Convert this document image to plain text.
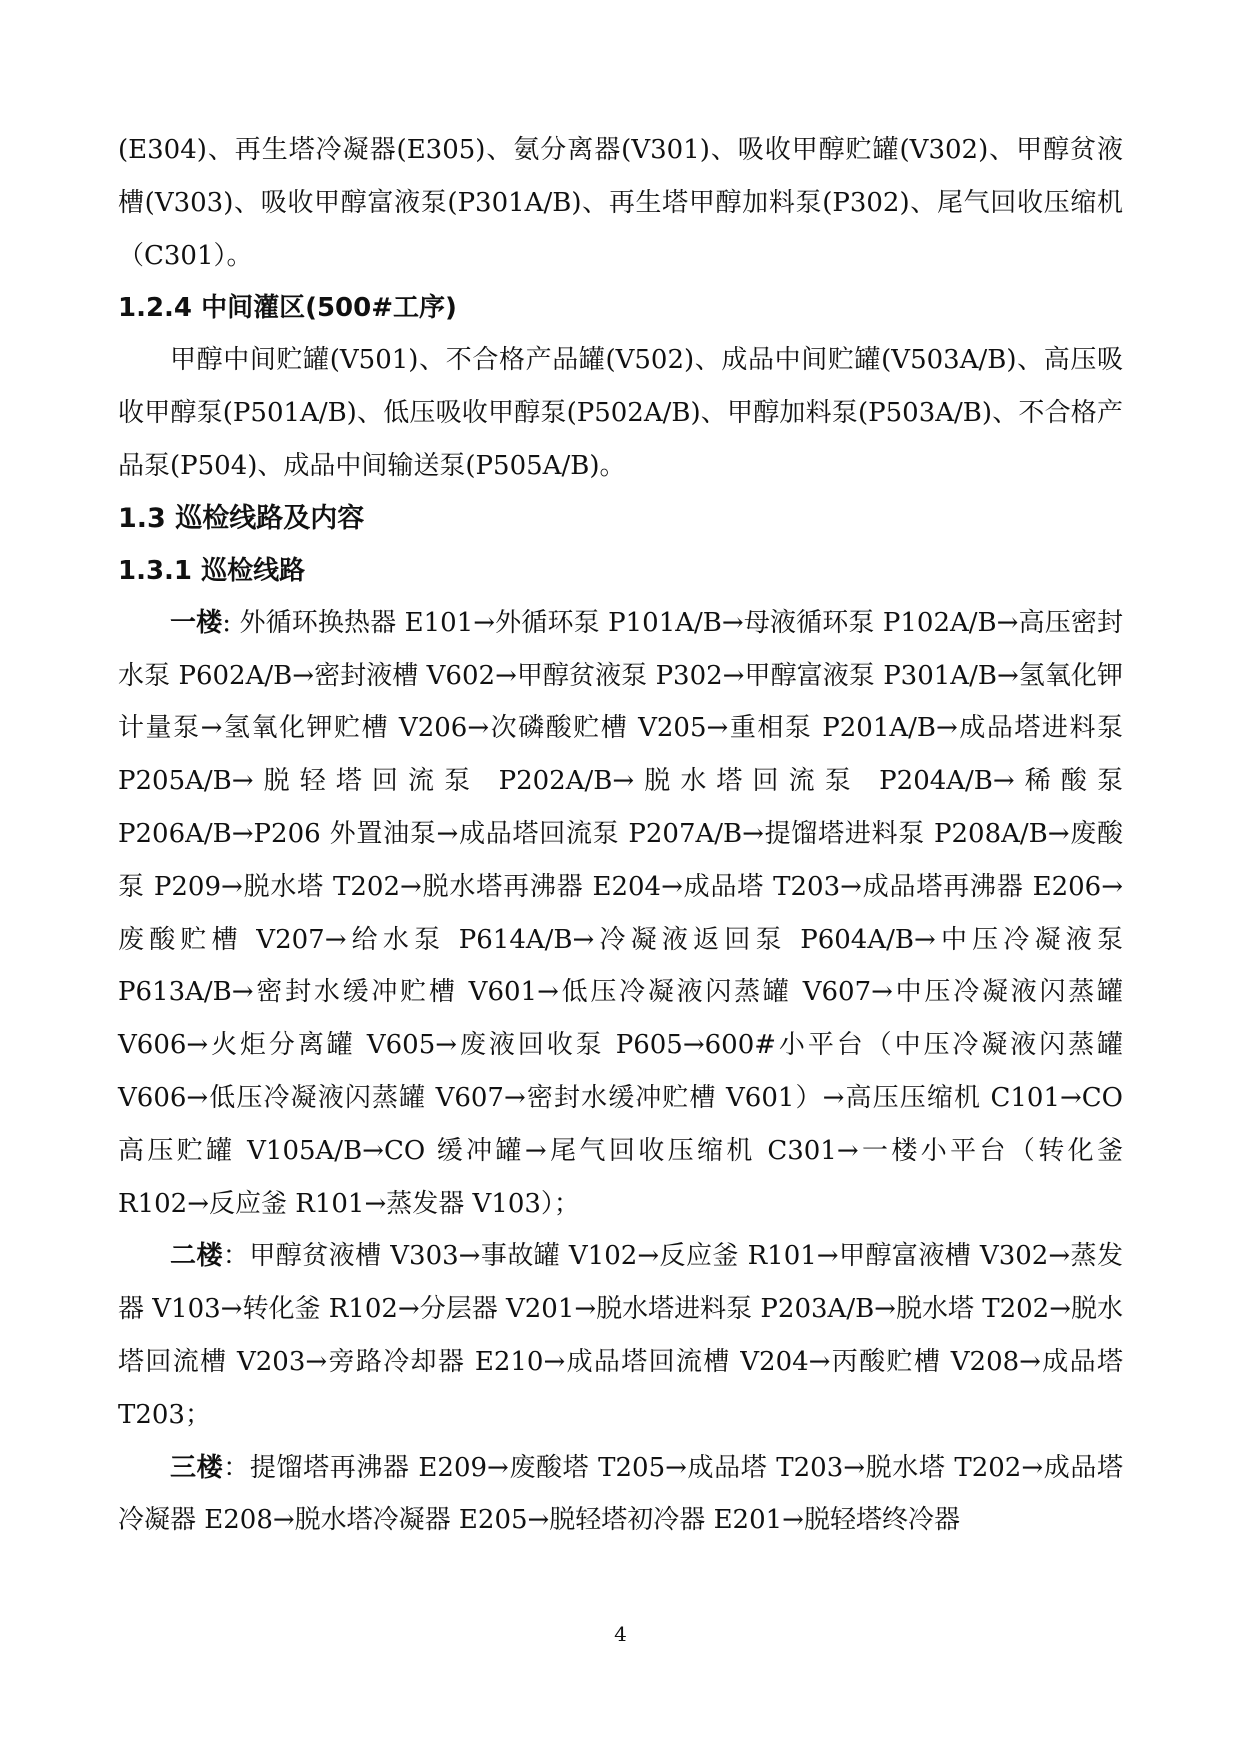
(E304)、再生塔冷凝器(E305)、氨分离器(V301)、吸收甲醇贮罐(V302)、甲醇贫液槽(V303)、吸收甲醇富液泵(P301A/B)、再生塔甲醇加料泵(P302)、尾气回收压缩机（C301）。

1.2.4 中间灌区(500#工序)

甲醇中间贮罐(V501)、不合格产品罐(V502)、成品中间贮罐(V503A/B)、高压吸收甲醇泵(P501A/B)、低压吸收甲醇泵(P502A/B)、甲醇加料泵(P503A/B)、不合格产品泵(P504)、成品中间输送泵(P505A/B)。

1.3 巡检线路及内容
1.3.1 巡检线路

一楼: 外循环换热器 E101→外循环泵 P101A/B→母液循环泵 P102A/B→高压密封水泵 P602A/B→密封液槽 V602→甲醇贫液泵 P302→甲醇富液泵 P301A/B→氢氧化钾计量泵→氢氧化钾贮槽 V206→次磷酸贮槽 V205→重相泵 P201A/B→成品塔进料泵 P205A/B→脱轻塔回流泵 P202A/B→脱水塔回流泵 P204A/B→稀酸泵 P206A/B→P206 外置油泵→成品塔回流泵 P207A/B→提馏塔进料泵 P208A/B→废酸泵 P209→脱水塔 T202→脱水塔再沸器 E204→成品塔 T203→成品塔再沸器 E206→废酸贮槽 V207→给水泵 P614A/B→冷凝液返回泵 P604A/B→中压冷凝液泵 P613A/B→密封水缓冲贮槽 V601→低压冷凝液闪蒸罐 V607→中压冷凝液闪蒸罐 V606→火炬分离罐 V605→废液回收泵 P605→600#小平台（中压冷凝液闪蒸罐 V606→低压冷凝液闪蒸罐 V607→密封水缓冲贮槽 V601）→高压压缩机 C101→CO 高压贮罐 V105A/B→CO 缓冲罐→尾气回收压缩机 C301→一楼小平台（转化釜 R102→反应釜 R101→蒸发器 V103）；

二楼：甲醇贫液槽 V303→事故罐 V102→反应釜 R101→甲醇富液槽 V302→蒸发器 V103→转化釜 R102→分层器 V201→脱水塔进料泵 P203A/B→脱水塔 T202→脱水塔回流槽 V203→旁路冷却器 E210→成品塔回流槽 V204→丙酸贮槽 V208→成品塔 T203；

三楼：提馏塔再沸器 E209→废酸塔 T205→成品塔 T203→脱水塔 T202→成品塔冷凝器 E208→脱水塔冷凝器 E205→脱轻塔初冷器 E201→脱轻塔终冷器

4
